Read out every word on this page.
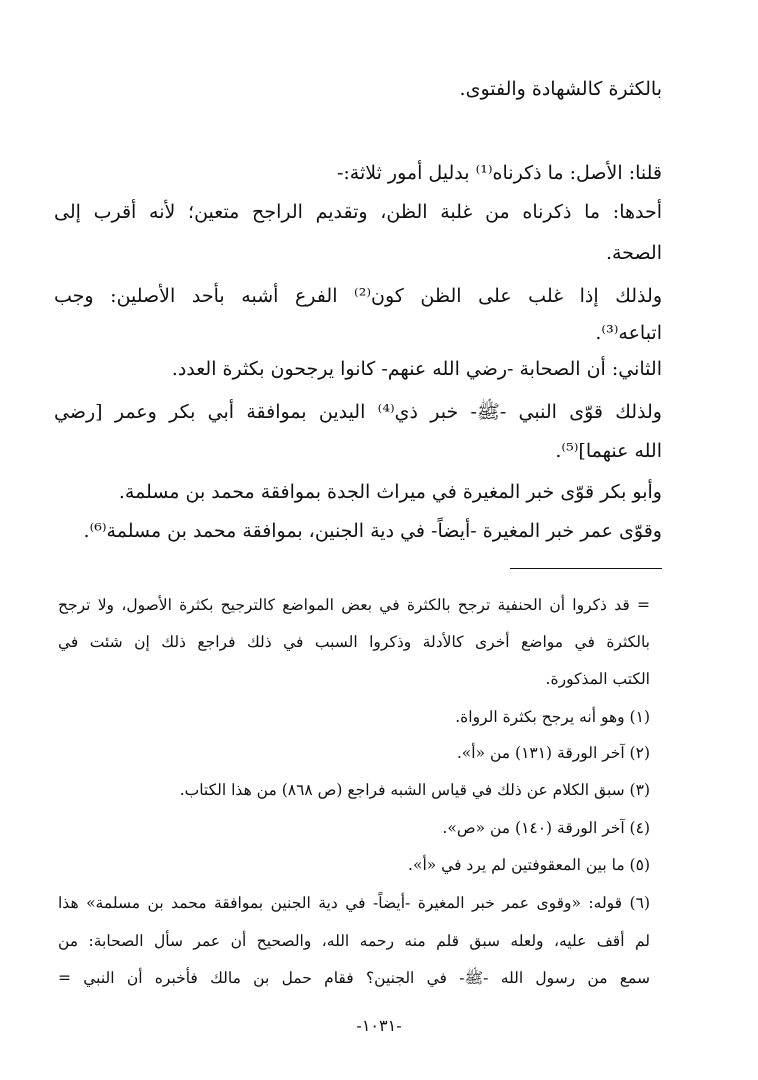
بالكثرة كالشهادة والفتوى.
قلنا: الأصل: ما ذكرناه⁽¹⁾ بدليل أمور ثلاثة:-
أحدها: ما ذكرناه من غلبة الظن، وتقديم الراجح متعين؛ لأنه أقرب إلى
الصحة.
ولذلك إذا غلب على الظن كون⁽²⁾ الفرع أشبه بأحد الأصلين: وجب
اتباعه⁽³⁾.
الثاني: أن الصحابة -رضي الله عنهم- كانوا يرجحون بكثرة العدد.
ولذلك قوّى النبي -ﷺ- خبر ذي⁽⁴⁾ اليدين بموافقة أبي بكر وعمر [رضي
الله عنهما]⁽⁵⁾.
وأبو بكر قوّى خبر المغيرة في ميراث الجدة بموافقة محمد بن مسلمة.
وقوّى عمر خبر المغيرة -أيضاً- في دية الجنين، بموافقة محمد بن مسلمة⁽⁶⁾.
= قد ذكروا أن الحنفية ترجح بالكثرة في بعض المواضع كالترجيح بكثرة الأصول، ولا ترجح
بالكثرة في مواضع أخرى كالأدلة وذكروا السبب في ذلك فراجع ذلك إن شئت في
الكتب المذكورة.
(١) وهو أنه يرجح بكثرة الرواة.
(٢) آخر الورقة (١٣١) من «أ».
(٣) سبق الكلام عن ذلك في قياس الشبه فراجع (ص ٨٦٨) من هذا الكتاب.
(٤) آخر الورقة (١٤٠) من «ص».
(٥) ما بين المعقوفتين لم يرد في «أ».
(٦) قوله: «وقوى عمر خبر المغيرة -أيضاً- في دية الجنين بموافقة محمد بن مسلمة» هذا
لم أقف عليه، ولعله سبق قلم منه رحمه الله، والصحيح أن عمر سأل الصحابة: من
سمع من رسول الله -ﷺ- في الجنين؟ فقام حمل بن مالك فأخبره أن النبي =
-١٠٣١-
